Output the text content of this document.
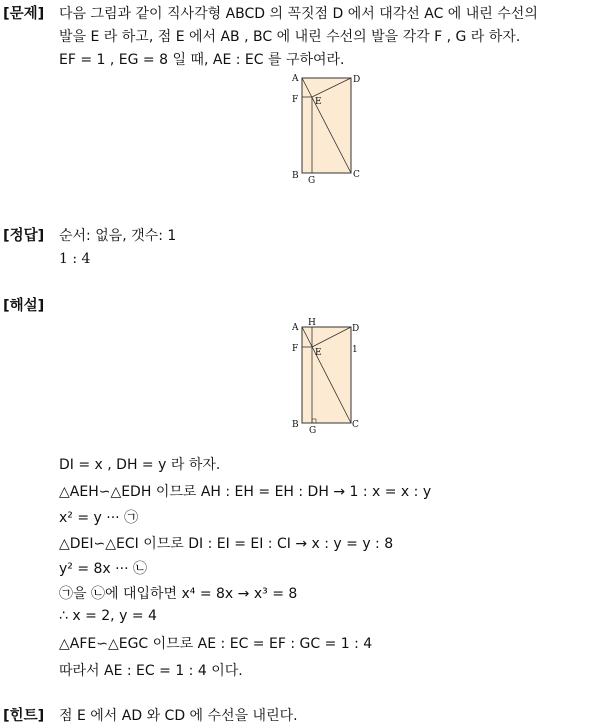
[문제] 다음 그림과 같이 직사각형 ABCD 의 꼭짓점 D 에서 대각선 AC 에 내린 수선의
발을 E 라 하고, 점 E 에서 AB , BC 에 내린 수선의 발을 각각 F , G 라 하자.
EF = 1 , EG = 8 일 때, AE : EC 를 구하여라.
A	D
F E
B G
C
[정답] 순서: 없음, 갯수: 1
1 : 4
[해설]
A H
D
F E	1
B
G
C
DI = x , DH = y 라 하자.
△AEH∽△EDH 이므로 AH : EH = EH : DH → 1 : x = x : y
x² = y ··· ㉠
△DEI∽△ECI 이므로 DI : EI = EI : CI → x : y = y : 8
y² = 8x ··· ㉡
㉠을 ㉡에 대입하면 x⁴ = 8x → x³ = 8
∴ x = 2, y = 4
△AFE∽△EGC 이므로 AE : EC = EF : GC = 1 : 4
따라서 AE : EC = 1 : 4 이다.
[힌트] 점 E 에서 AD 와 CD 에 수선을 내린다.
